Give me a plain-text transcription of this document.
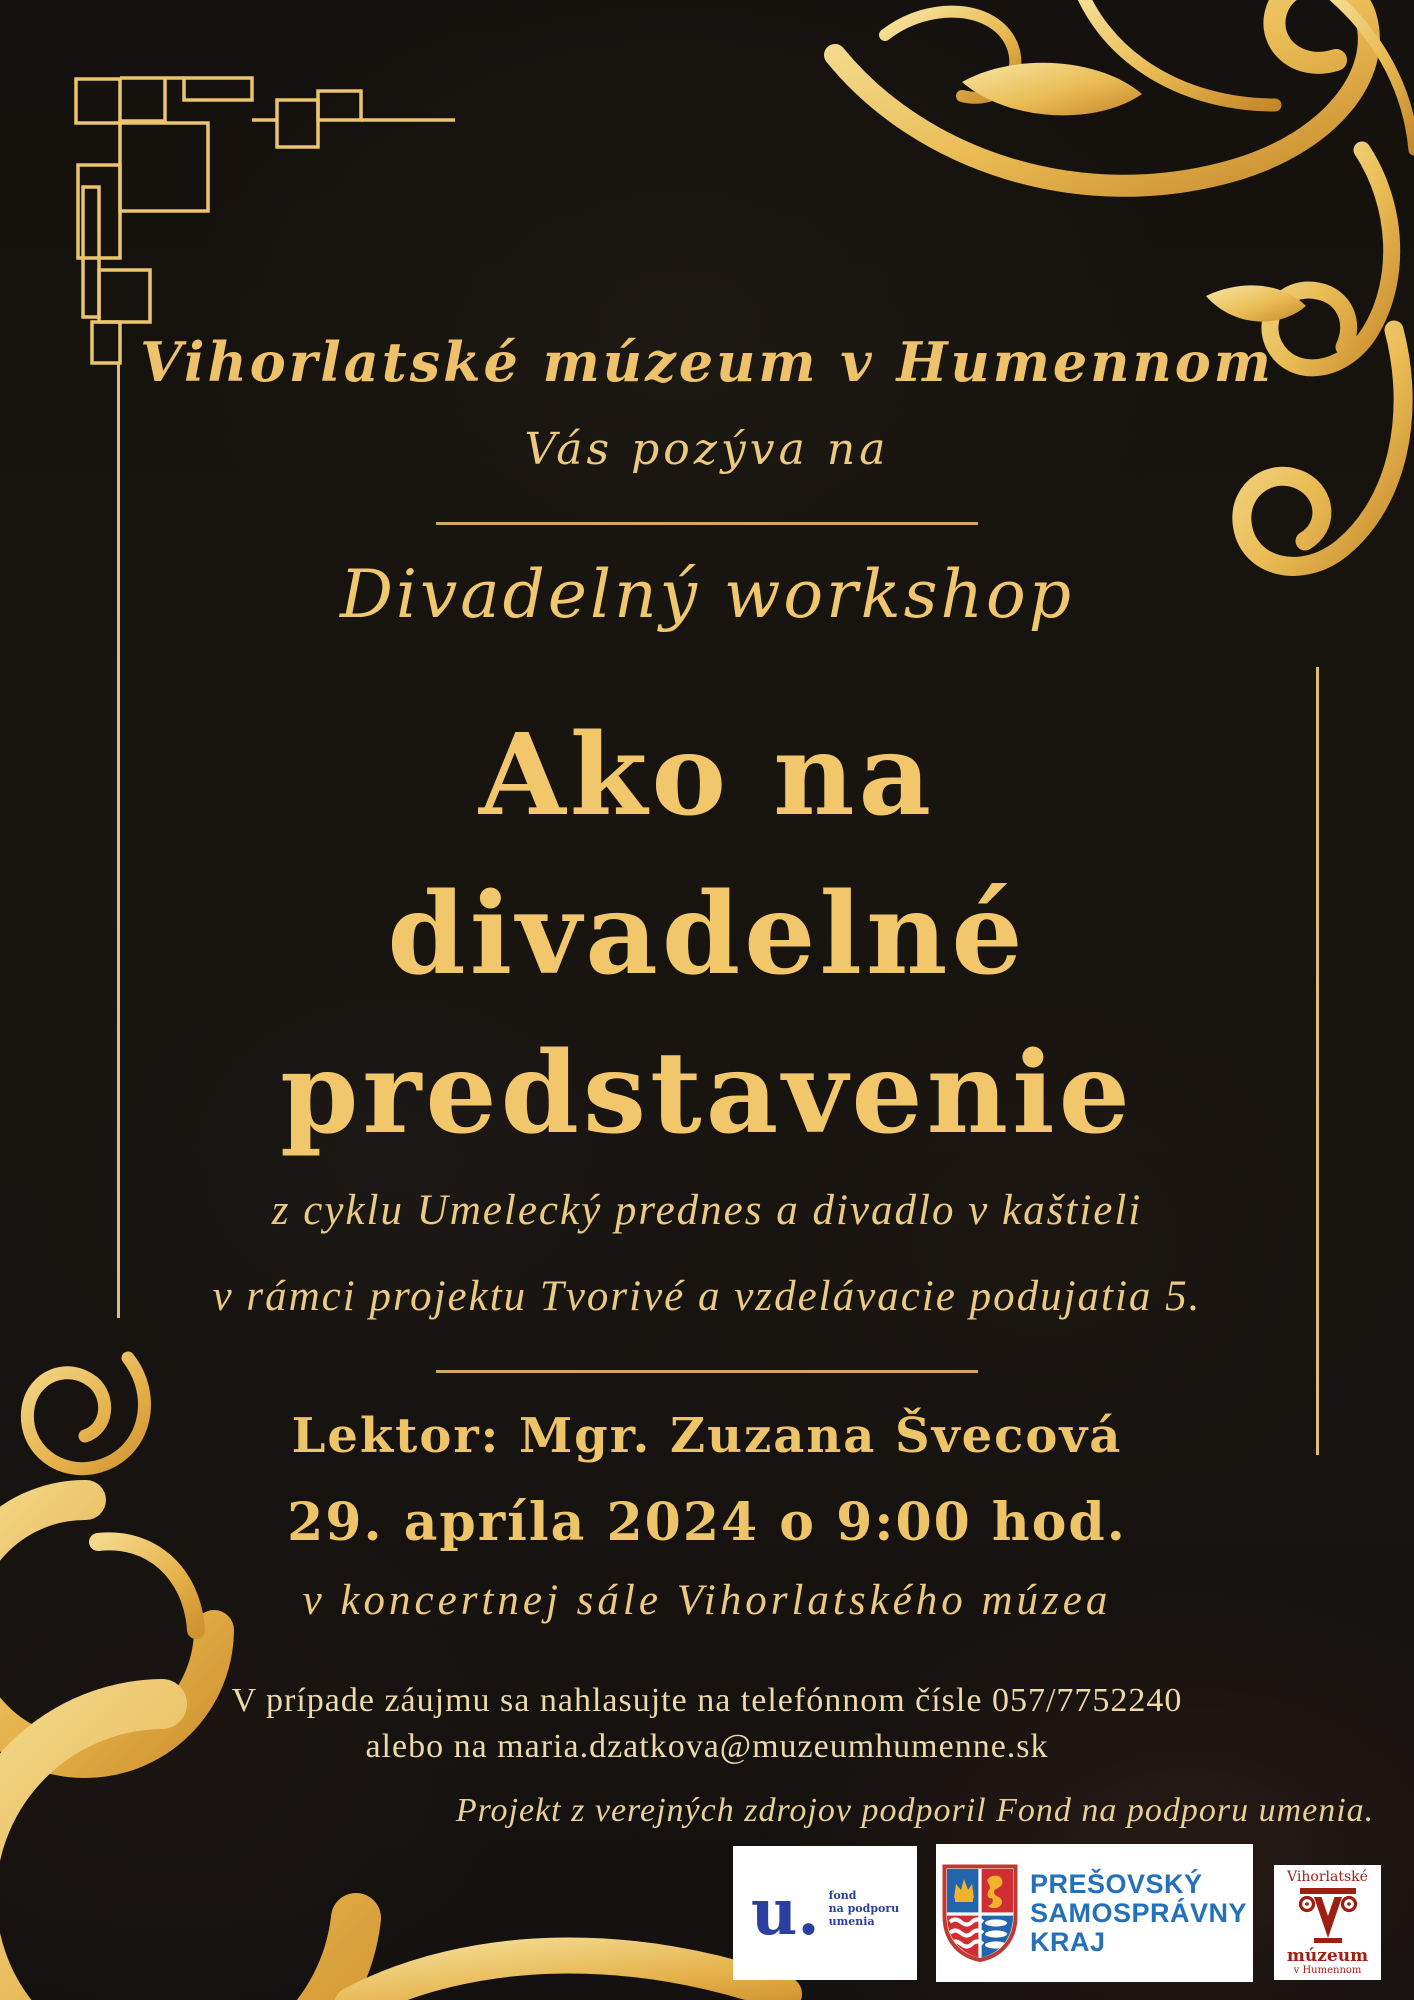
Vihorlatské múzeum v Humennom
Vás pozýva na
Divadelný workshop
Ako na
divadelné
predstavenie
z cyklu Umelecký prednes a divadlo v kaštieli
v rámci projektu Tvorivé a vzdelávacie podujatia 5.
Lektor: Mgr. Zuzana Švecová
29. apríla 2024 o 9:00 hod.
v koncertnej sále Vihorlatského múzea
V prípade záujmu sa nahlasujte na telefónnom čísle 057/7752240
alebo na maria.dzatkova@muzeumhumenne.sk
Projekt z verejných zdrojov podporil Fond na podporu umenia.
u. fond
na podporu
umenia
PREŠOVSKÝ
SAMOSPRÁVNY
KRAJ
Vihorlatské
múzeum
v Humennom
